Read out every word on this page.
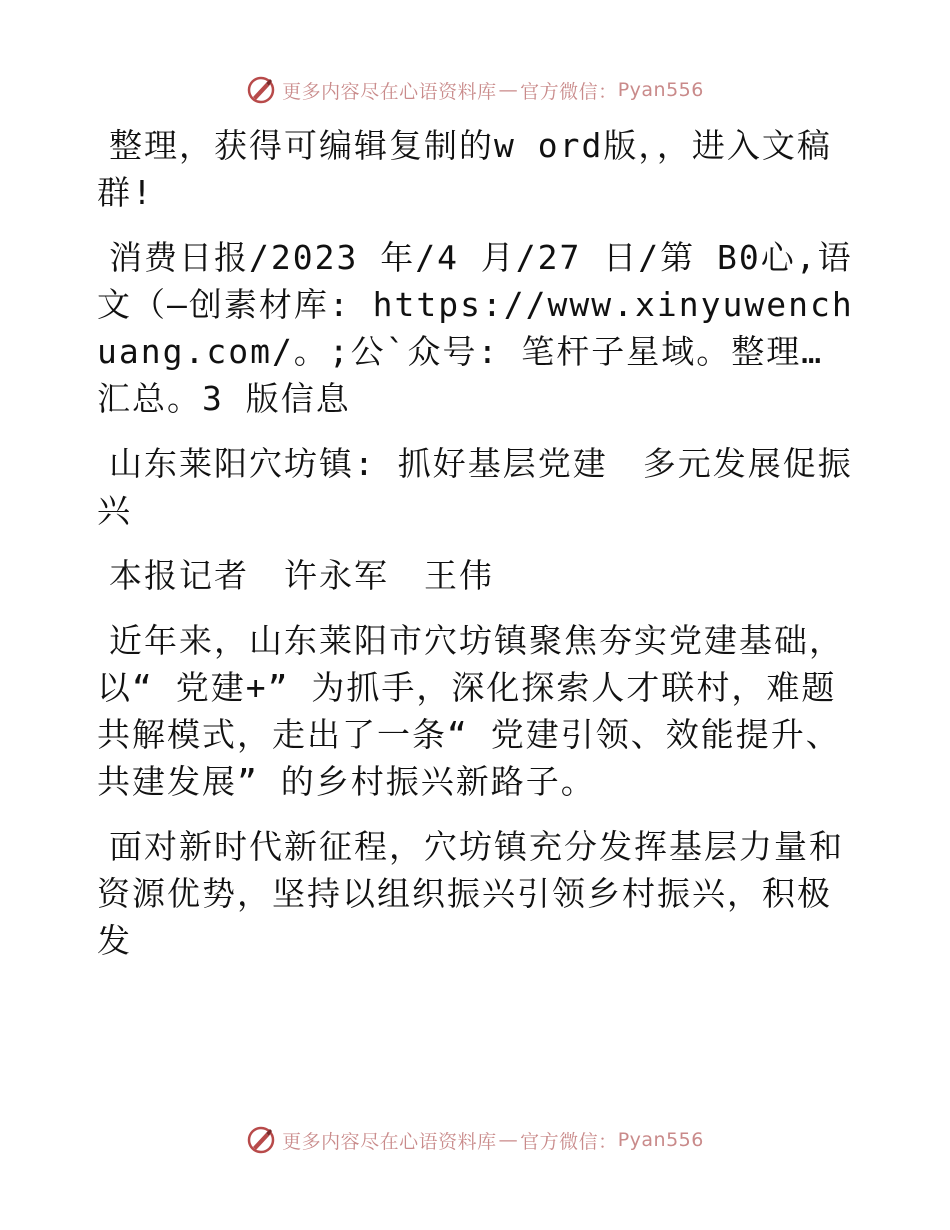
更多内容尽在心语资料库 — 官方微信： Pyan556

整理，获得可编辑复制的w ord版，，进入文稿群!

消费日报/2023 年/4 月/27 日/第 B0心,语文（—创素材库: https://www.xinyuwenchuang.com/。;公`众号: 笔杆子星域。整理…汇总。3 版信息

山东莱阳穴坊镇: 抓好基层党建　多元发展促振兴

本报记者　许永军　王伟

近年来，山东莱阳市穴坊镇聚焦夯实党建基础，以“ 党建+” 为抓手，深化探索人才联村，难题共解模式，走出了一条“ 党建引领、效能提升、共建发展” 的乡村振兴新路子。

面对新时代新征程，穴坊镇充分发挥基层力量和资源优势，坚持以组织振兴引领乡村振兴，积极发

更多内容尽在心语资料库 — 官方微信： Pyan556
